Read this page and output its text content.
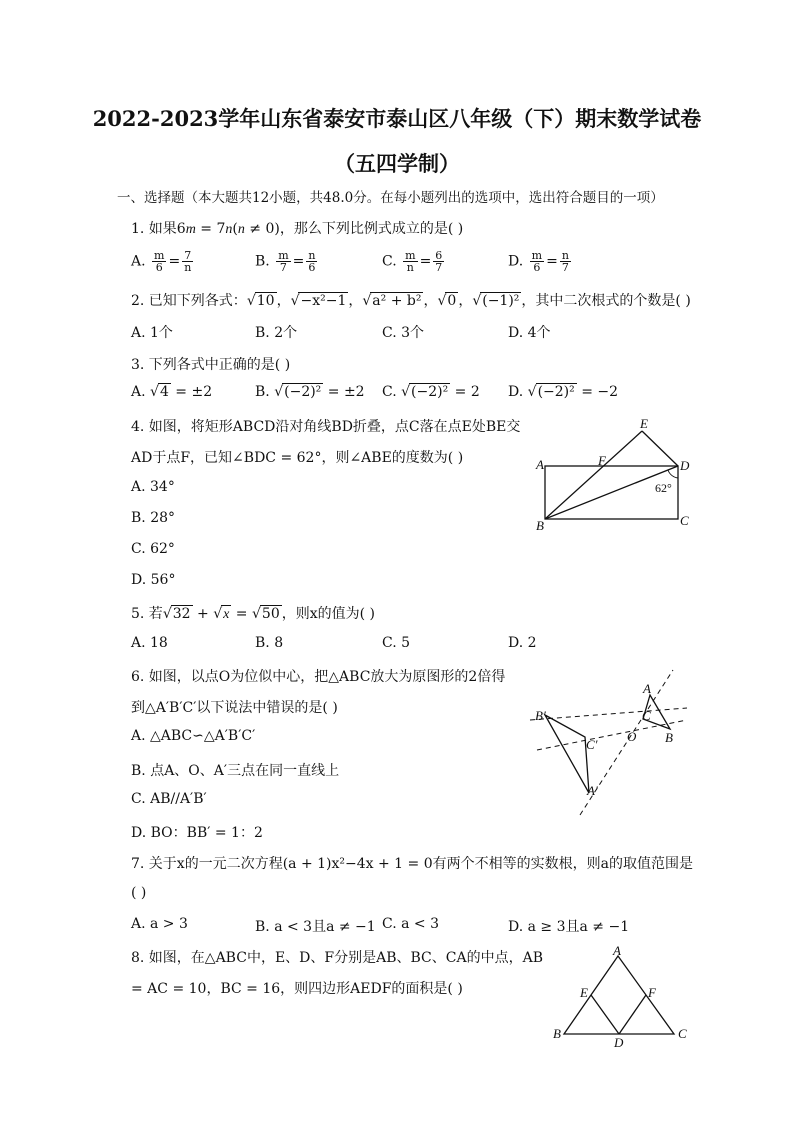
2022-2023学年山东省泰安市泰山区八年级（下）期末数学试卷
（五四学制）
一、选择题（本大题共12小题，共48.0分。在每小题列出的选项中，选出符合题目的一项）
1. 如果6m = 7n(n ≠ 0)，那么下列比例式成立的是( )
A. $\frac{m}{6} = \frac{7}{n}$	B. $\frac{m}{7} = \frac{n}{6}$	C. $\frac{m}{n} = \frac{6}{7}$	D. $\frac{m}{6} = \frac{n}{7}$
2. 已知下列各式：√10 ，√−x²−1 ，√a² + b² ，√0 ，√(−1)² ，其中二次根式的个数是( )
A. 1个	B. 2个	C. 3个	D. 4个
3. 下列各式中正确的是( )
A. √4 = ±2	B. √(−2)² = ±2 C. √(−2)² = 2 D. √(−2)² = −2
4. 如图，将矩形ABCD沿对角线BD折叠，点C落在点E处BE交
AD于点F，已知∠BDC = 62°，则∠ABE的度数为( )
A. 34°
B. 28°
C. 62°
D. 56°
A
B	C
D
E
F
62°
5. 若√32 + √x = √50 ，则x的值为( )
A. 18	B. 8	C. 5	D. 2
6. 如图，以点O为位似中心，把△ABC放大为原图形的2倍得
到△A′B′C′以下说法中错误的是( )
A. △ABC∽△A′B′C′
B. 点A、O、A′三点在同一直线上
C. AB//A′B′
D. BO：BB′ = 1：2
A
B
C
O
A′
B′
C′
7. 关于x的一元二次方程(a + 1)x²−4x + 1 = 0有两个不相等的实数根，则a的取值范围是
( )
A. a > 3	B. a < 3且a ≠ −1 C. a < 3	D. a ≥ 3且a ≠ −1
8. 如图，在△ABC中，E、D、F分别是AB、BC、CA的中点，AB
= AC = 10，BC = 16，则四边形AEDF的面积是( )
A
B	C
D
E	F
